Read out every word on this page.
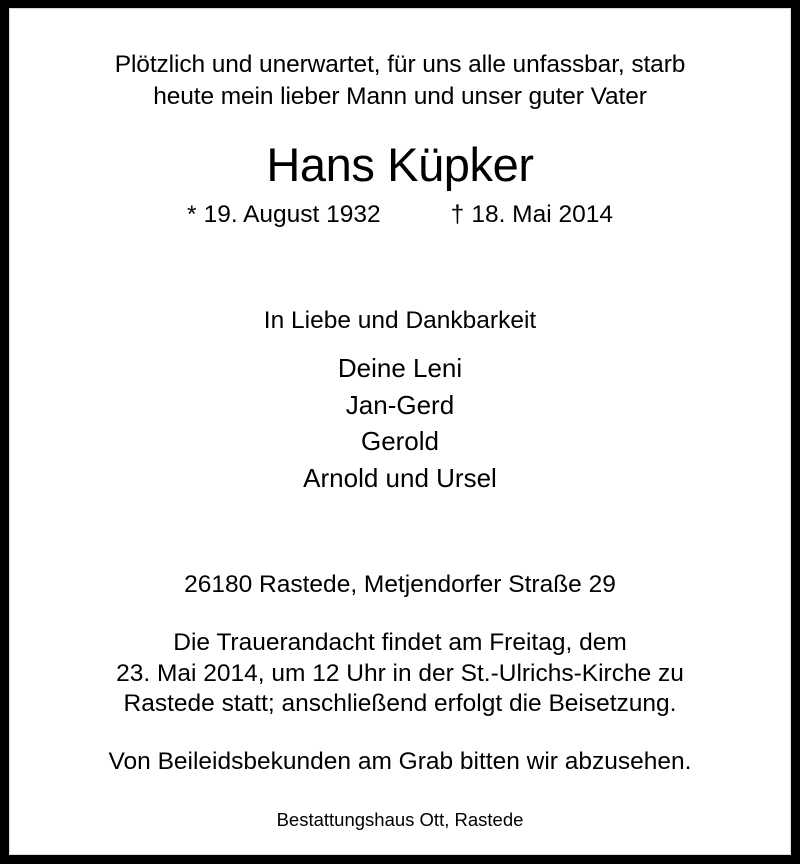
Plötzlich und unerwartet, für uns alle unfassbar, starb
heute mein lieber Mann und unser guter Vater
Hans Küpker
* 19. August 1932	† 18. Mai 2014
In Liebe und Dankbarkeit
Deine Leni
Jan-Gerd
Gerold
Arnold und Ursel
26180 Rastede, Metjendorfer Straße 29
Die Trauerandacht findet am Freitag, dem
23. Mai 2014, um 12 Uhr in der St.-Ulrichs-Kirche zu
Rastede statt; anschließend erfolgt die Beisetzung.
Von Beileidsbekunden am Grab bitten wir abzusehen.
Bestattungshaus Ott, Rastede
